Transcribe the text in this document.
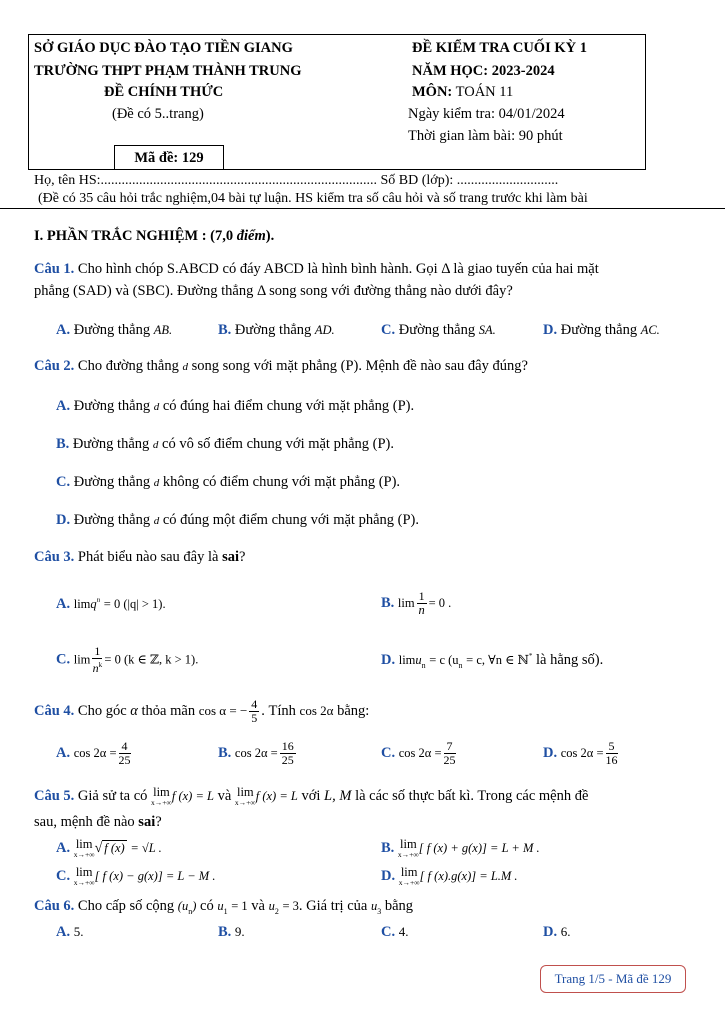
SỞ GIÁO DỤC ĐÀO TẠO TIỀN GIANG
TRƯỜNG THPT PHẠM THÀNH TRUNG
ĐỀ CHÍNH THỨC
(Đề có 5..trang)
ĐỀ KIỂM TRA CUỐI KỲ 1
NĂM HỌC: 2023-2024
MÔN: TOÁN 11
Ngày kiểm tra: 04/01/2024
Thời gian làm bài: 90 phút
Mã đề: 129
Họ, tên HS:............................................................................... Số BD (lớp): .............................
(Đề có 35 câu hỏi trắc nghiệm,04 bài tự luận. HS kiểm tra số câu hỏi và số trang trước khi làm bài
I. PHẦN TRẮC NGHIỆM : (7,0 điểm).
Câu 1. Cho hình chóp S.ABCD có đáy ABCD là hình bình hành. Gọi Δ là giao tuyến của hai mặt
phẳng (SAD) và (SBC). Đường thẳng Δ song song với đường thẳng nào dưới đây?
A. Đường thẳng AB.	B. Đường thẳng AD.	C. Đường thẳng SA.	D. Đường thẳng AC.
Câu 2. Cho đường thẳng d song song với mặt phẳng (P). Mệnh đề nào sau đây đúng?
A. Đường thẳng d có đúng hai điểm chung với mặt phẳng (P).
B. Đường thẳng d có vô số điểm chung với mặt phẳng (P).
C. Đường thẳng d không có điểm chung với mặt phẳng (P).
D. Đường thẳng d có đúng một điểm chung với mặt phẳng (P).
Câu 3. Phát biểu nào sau đây là sai?
A. limq$^n$ = 0 (|q| > 1).	B. $\lim \frac{1}{n} = 0$ .
C. $\lim \frac{1}{n^k} = 0$ (k ∈ ℤ, k > 1).	D. limu$_n$ = c ($u_n = c$, ∀n ∈ ℕ* là hằng số).
Câu 4. Cho góc α thỏa mãn cos α = − $\frac{4}{5}$ . Tính cos 2α bằng:
A. $\cos 2\alpha = \frac{4}{25}$	B. $\cos 2\alpha = \frac{16}{25}$	C. $\cos 2\alpha = \frac{7}{25}$	D. $\cos 2\alpha = \frac{5}{16}$
Câu 5. Giả sử ta có lim
x→+∞ f (x) = L và lim
x→+∞ f (x) = L với L, M là các số thực bất kì. Trong các mệnh đề
sau, mệnh đề nào sai?
A. lim
x→+∞ √ f (x) = √L .	B. lim
x→+∞ [ f (x) + g(x)] = L + M .
C. lim
x→+∞ [ f (x) − g(x)] = L − M .	D. lim
x→+∞ [ f (x).g(x)] = L.M .
Câu 6. Cho cấp số cộng $(u_n)$ có $u_1 = 1$ và $u_2 = 3$. Giá trị của $u_3$ bằng
A. 5.	B. 9.	C. 4.	D. 6.
Trang 1/5 - Mã đề 129
